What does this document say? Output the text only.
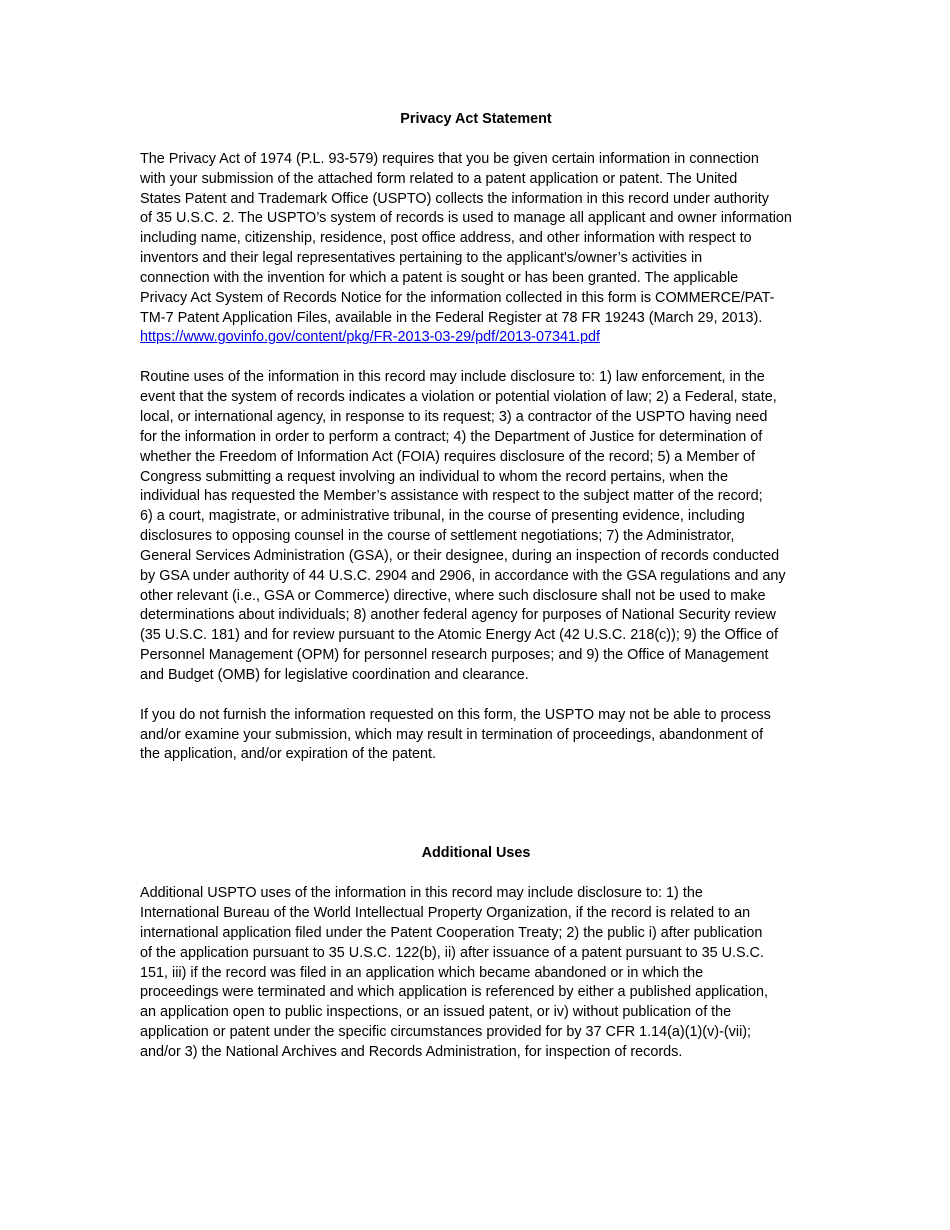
Privacy Act Statement

The Privacy Act of 1974 (P.L. 93-579) requires that you be given certain information in connection
with your submission of the attached form related to a patent application or patent. The United
States Patent and Trademark Office (USPTO) collects the information in this record under authority
of 35 U.S.C. 2. The USPTO’s system of records is used to manage all applicant and owner information
including name, citizenship, residence, post office address, and other information with respect to
inventors and their legal representatives pertaining to the applicant's/owner’s activities in
connection with the invention for which a patent is sought or has been granted. The applicable
Privacy Act System of Records Notice for the information collected in this form is COMMERCE/PAT-
TM-7 Patent Application Files, available in the Federal Register at 78 FR 19243 (March 29, 2013).
https://www.govinfo.gov/content/pkg/FR-2013-03-29/pdf/2013-07341.pdf
Routine uses of the information in this record may include disclosure to: 1) law enforcement, in the
event that the system of records indicates a violation or potential violation of law; 2) a Federal, state,
local, or international agency, in response to its request; 3) a contractor of the USPTO having need
for the information in order to perform a contract; 4) the Department of Justice for determination of
whether the Freedom of Information Act (FOIA) requires disclosure of the record; 5) a Member of
Congress submitting a request involving an individual to whom the record pertains, when the
individual has requested the Member’s assistance with respect to the subject matter of the record;
6) a court, magistrate, or administrative tribunal, in the course of presenting evidence, including
disclosures to opposing counsel in the course of settlement negotiations; 7) the Administrator,
General Services Administration (GSA), or their designee, during an inspection of records conducted
by GSA under authority of 44 U.S.C. 2904 and 2906, in accordance with the GSA regulations and any
other relevant (i.e., GSA or Commerce) directive, where such disclosure shall not be used to make
determinations about individuals; 8) another federal agency for purposes of National Security review
(35 U.S.C. 181) and for review pursuant to the Atomic Energy Act (42 U.S.C. 218(c)); 9) the Office of
Personnel Management (OPM) for personnel research purposes; and 9) the Office of Management
and Budget (OMB) for legislative coordination and clearance.
If you do not furnish the information requested on this form, the USPTO may not be able to process
and/or examine your submission, which may result in termination of proceedings, abandonment of
the application, and/or expiration of the patent.

Additional Uses

Additional USPTO uses of the information in this record may include disclosure to: 1) the
International Bureau of the World Intellectual Property Organization, if the record is related to an
international application filed under the Patent Cooperation Treaty; 2) the public i) after publication
of the application pursuant to 35 U.S.C. 122(b), ii) after issuance of a patent pursuant to 35 U.S.C.
151, iii) if the record was filed in an application which became abandoned or in which the
proceedings were terminated and which application is referenced by either a published application,
an application open to public inspections, or an issued patent, or iv) without publication of the
application or patent under the specific circumstances provided for by 37 CFR 1.14(a)(1)(v)-(vii);
and/or 3) the National Archives and Records Administration, for inspection of records.
